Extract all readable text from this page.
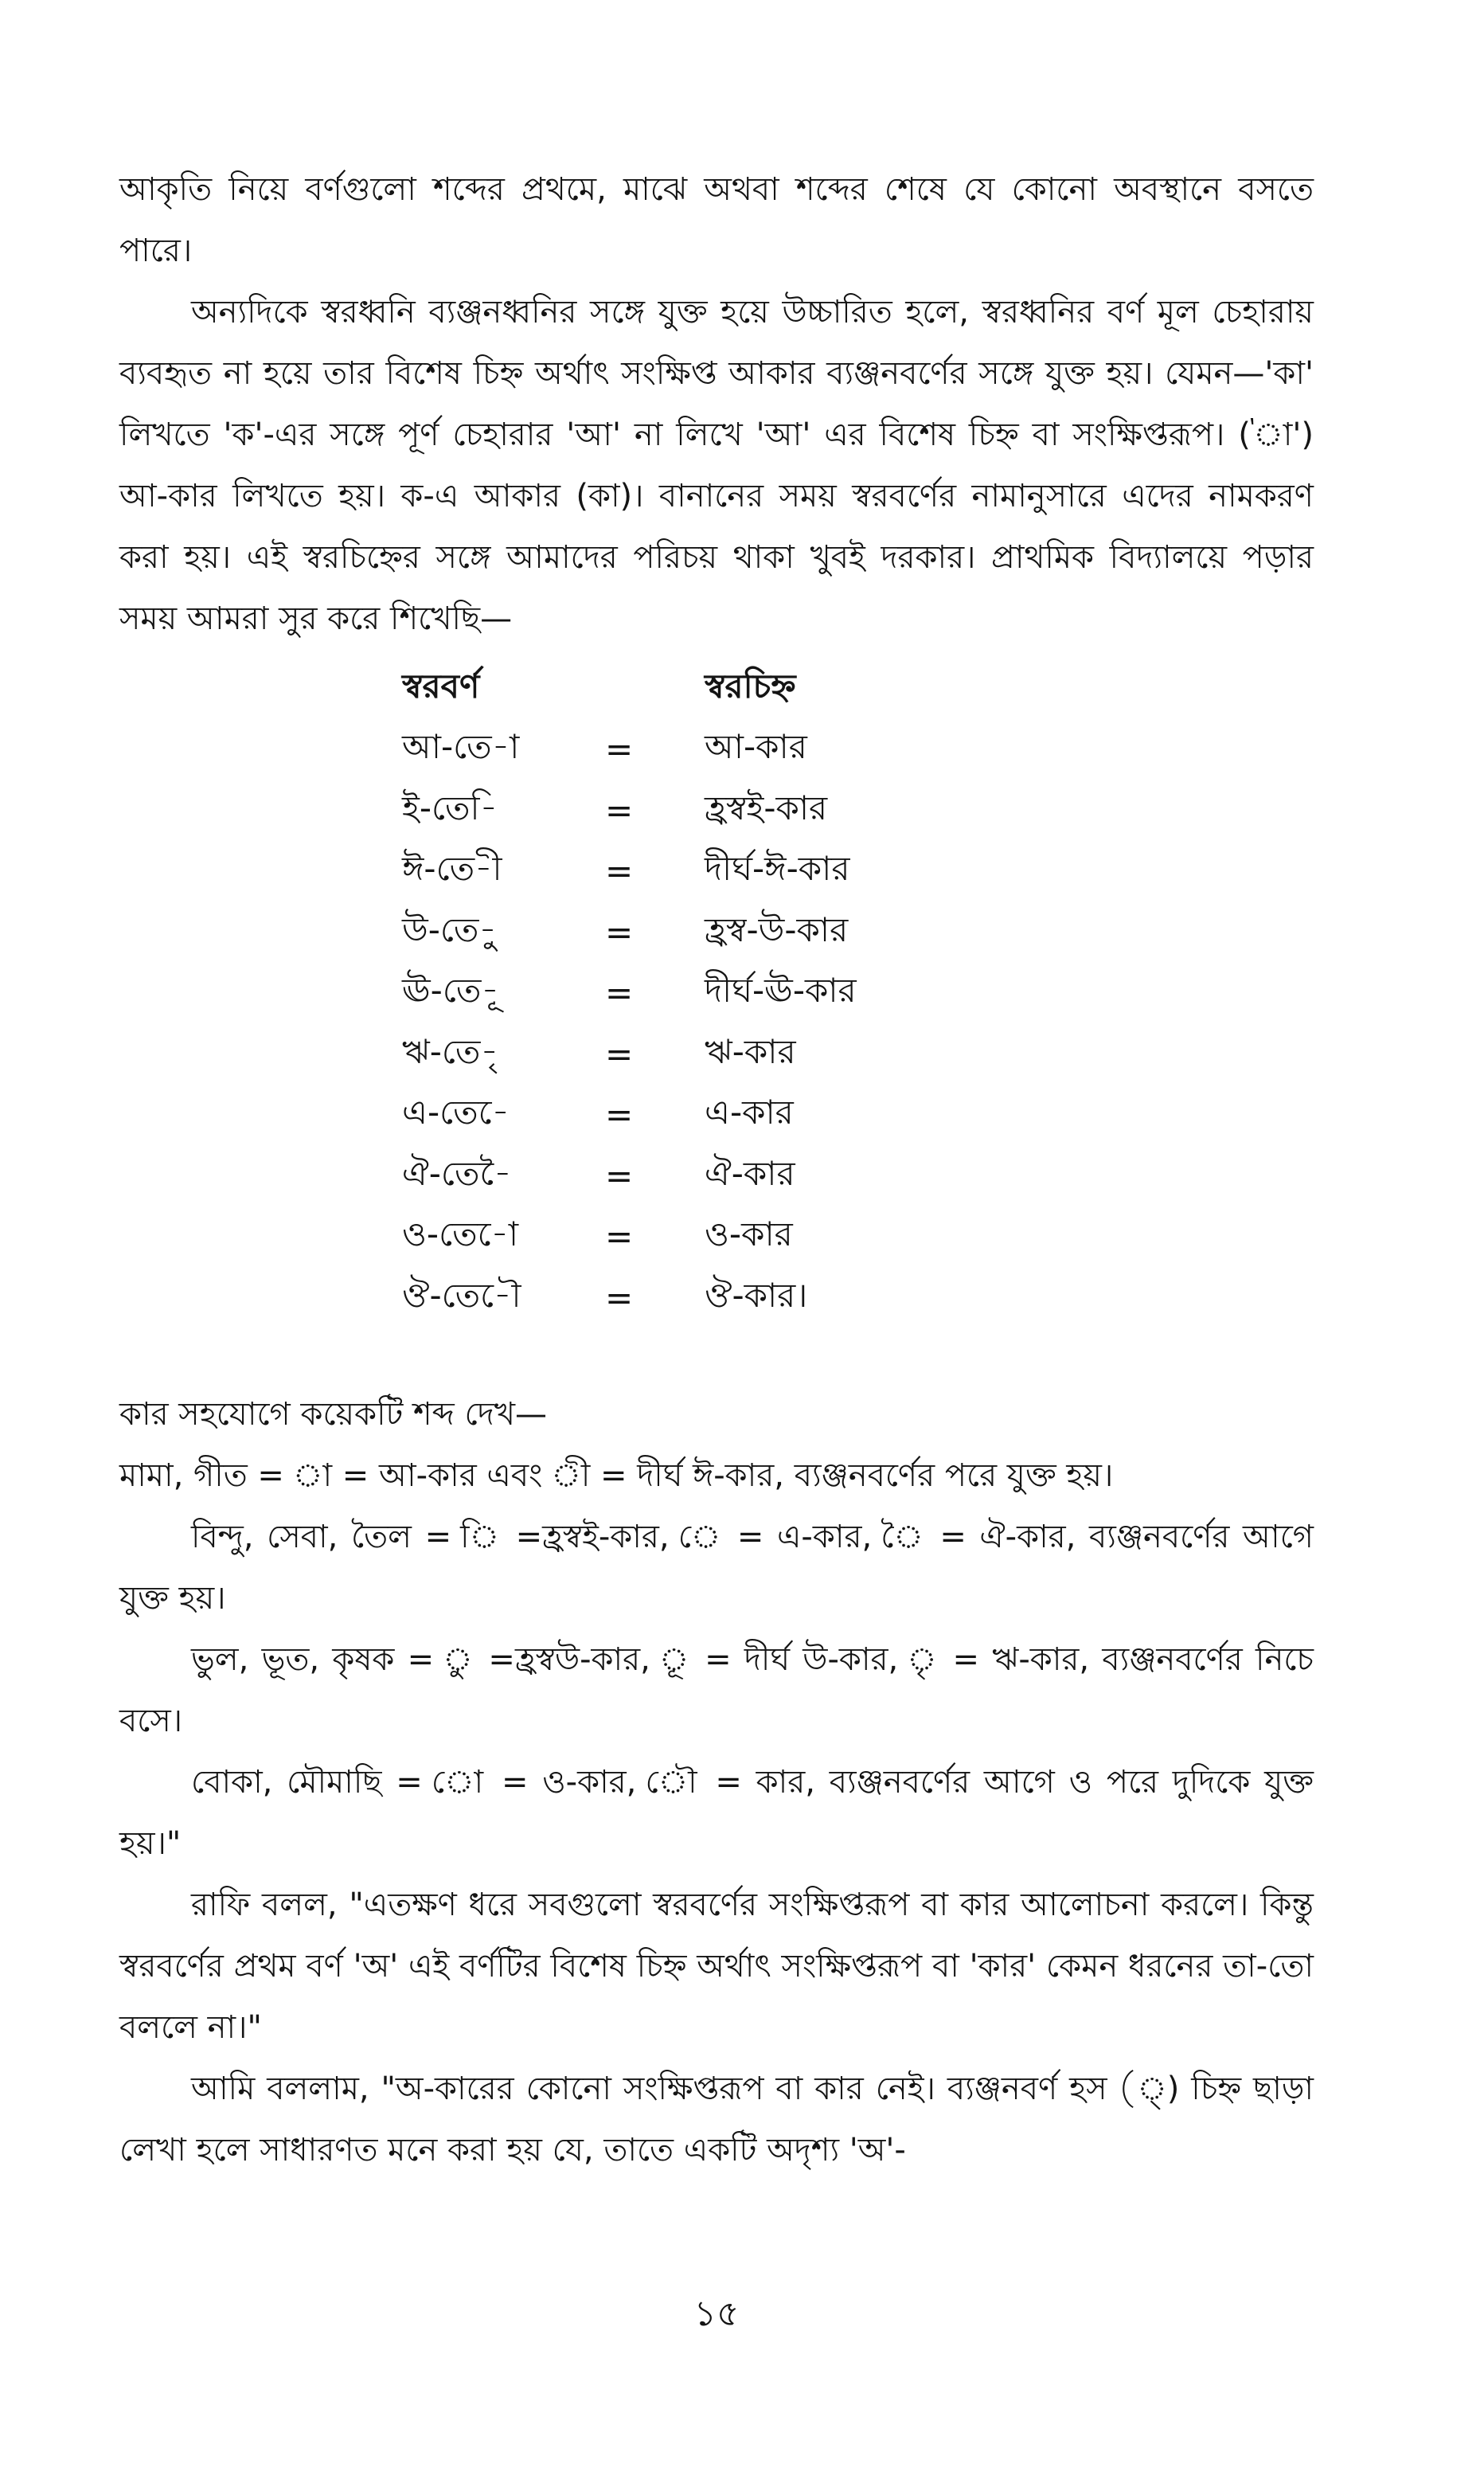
আকৃতি নিয়ে বর্ণগুলো শব্দের প্রথমে, মাঝে অথবা শব্দের শেষে যে কোনো অবস্থানে বসতে পারে।

অন্যদিকে স্বরধ্বনি ব্যঞ্জনধ্বনির সঙ্গে যুক্ত হয়ে উচ্চারিত হলে, স্বরধ্বনির বর্ণ মূল চেহারায় ব্যবহৃত না হয়ে তার বিশেষ চিহ্ন অর্থাৎ সংক্ষিপ্ত আকার ব্যঞ্জনবর্ণের সঙ্গে যুক্ত হয়। যেমন—'কা' লিখতে 'ক'-এর সঙ্গে পূর্ণ চেহারার 'আ' না লিখে 'আ' এর বিশেষ চিহ্ন বা সংক্ষিপ্তরূপ। ('া') আ-কার লিখতে হয়। ক-এ আকার (কা)। বানানের সময় স্বরবর্ণের নামানুসারে এদের নামকরণ করা হয়। এই স্বরচিহ্নের সঙ্গে আমাদের পরিচয় থাকা খুবই দরকার। প্রাথমিক বিদ্যালয়ে পড়ার সময় আমরা সুর করে শিখেছি—

স্বরবর্ণ	স্বরচিহ্ন
আ-তে-া	=	আ-কার
ই-তে-ি	=	হ্রস্বই-কার
ঈ-তে-ী	=	দীর্ঘ-ঈ-কার
উ-তে-ু	=	হ্রস্ব-উ-কার
ঊ-তে-ূ	=	দীর্ঘ-ঊ-কার
ঋ-তে-ৃ	=	ঋ-কার
এ-তে-ে	=	এ-কার
ঐ-তে-ৈ	=	ঐ-কার
ও-তে-ো	=	ও-কার
ঔ-তে-ৌ	=	ঔ-কার।

কার সহযোগে কয়েকটি শব্দ দেখ—

মামা, গীত = া = আ-কার এবং ী = দীর্ঘ ঈ-কার, ব্যঞ্জনবর্ণের পরে যুক্ত হয়।

বিন্দু, সেবা, তৈল = ি =হ্রস্বই-কার, ে = এ-কার, ৈ = ঐ-কার, ব্যঞ্জনবর্ণের আগে যুক্ত হয়।

ভুল, ভূত, কৃষক = ু =হ্রস্বউ-কার, ূ = দীর্ঘ উ-কার, ৃ = ঋ-কার, ব্যঞ্জনবর্ণের নিচে বসে।

বোকা, মৌমাছি = ো = ও-কার, ৌ = কার, ব্যঞ্জনবর্ণের আগে ও পরে দুদিকে যুক্ত হয়।"

রাফি বলল, "এতক্ষণ ধরে সবগুলো স্বরবর্ণের সংক্ষিপ্তরূপ বা কার আলোচনা করলে। কিন্তু স্বরবর্ণের প্রথম বর্ণ 'অ' এই বর্ণটির বিশেষ চিহ্ন অর্থাৎ সংক্ষিপ্তরূপ বা 'কার' কেমন ধরনের তা-তো বললে না।"

আমি বললাম, "অ-কারের কোনো সংক্ষিপ্তরূপ বা কার নেই। ব্যঞ্জনবর্ণ হস (্) চিহ্ন ছাড়া লেখা হলে সাধারণত মনে করা হয় যে, তাতে একটি অদৃশ্য 'অ'-

১৫
